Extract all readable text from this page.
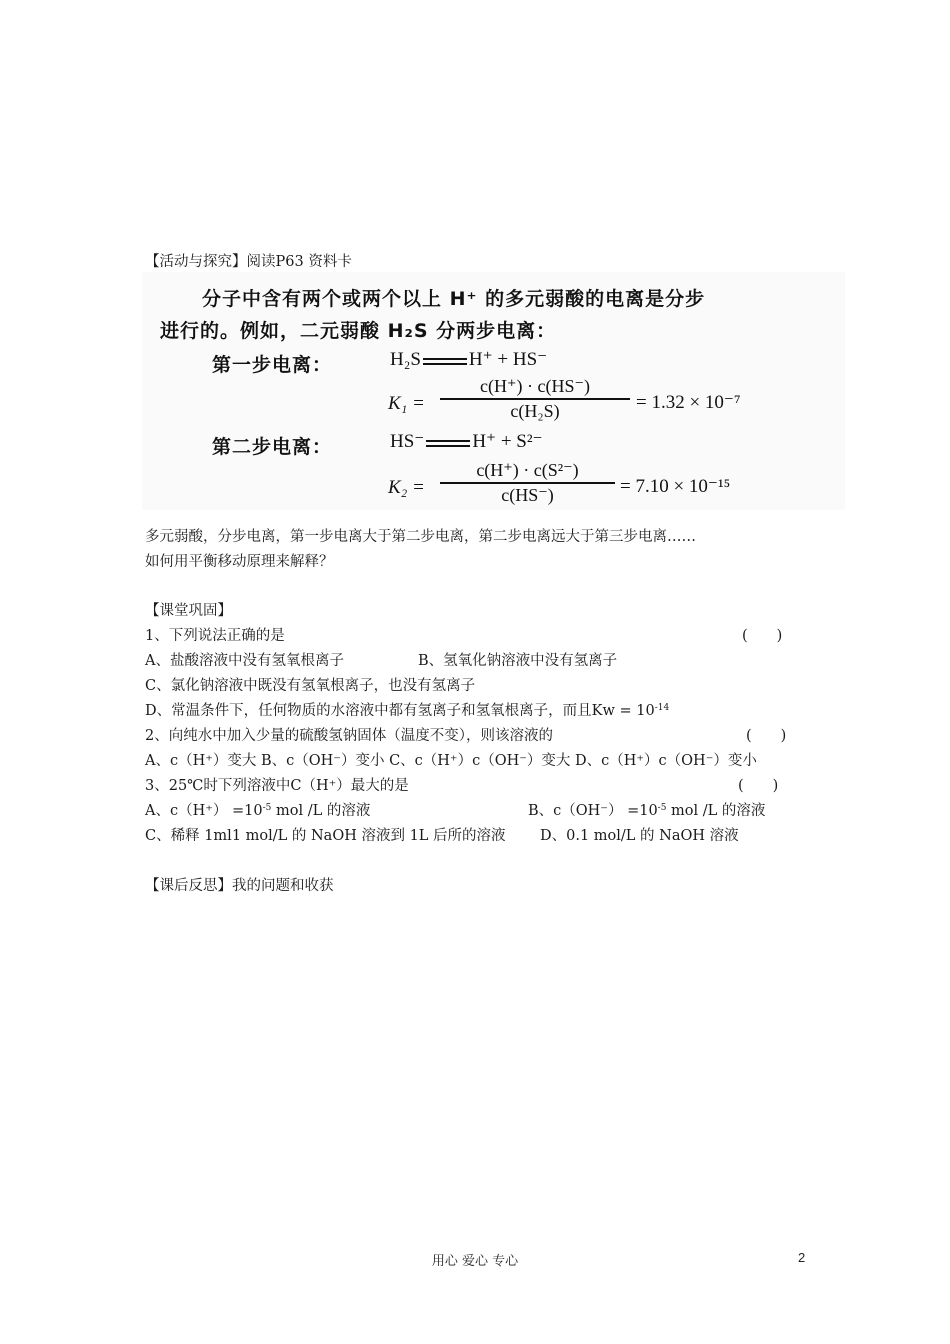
【活动与探究】阅读P63 资料卡
分子中含有两个或两个以上 H⁺ 的多元弱酸的电离是分步
进行的。例如，二元弱酸 H₂S 分两步电离：
第一步电离：	H₂S	H⁺ + HS⁻
$K_1 = \frac{c(H^+) \cdot c(HS^-)}{\text{c(H₂S)}} = 1.32 \times 10^{-7}$
第二步电离：	HS⁻	H⁺ + S²⁻
$K_2 = \frac{\text{c(H⁺) · c(S²⁻)}}{c(HS^-)} = 7.10 \times 10^{-15}$
多元弱酸，分步电离，第一步电离大于第二步电离，第二步电离远大于第三步电离……
如何用平衡移动原理来解释？
【课堂巩固】
1、下列说法正确的是	(　　)
A、盐酸溶液中没有氢氧根离子	B、氢氧化钠溶液中没有氢离子
C、氯化钠溶液中既没有氢氧根离子，也没有氢离子
D、常温条件下，任何物质的水溶液中都有氢离子和氢氧根离子，而且$Kw = 10^{-14}$
2、向纯水中加入少量的硫酸氢钠固体（温度不变），则该溶液的	(　　)
A、c（H⁺）变大 B、c（OH⁻）变小 C、c（H⁺）c（OH⁻）变大 D、c（H⁺）c（OH⁻）变小
3、25℃时下列溶液中C（H⁺）最大的是	(　　)
A、$c(H^+) =10^{-5}$ mol /L 的溶液	B、$c(OH^-) =10^{-5}$ mol /L 的溶液
C、稀释 1ml1 mol/L 的 NaOH 溶液到 1L 后所的溶液 D、0.1 mol/L 的 NaOH 溶液
【课后反思】我的问题和收获
用心 爱心 专心	2
